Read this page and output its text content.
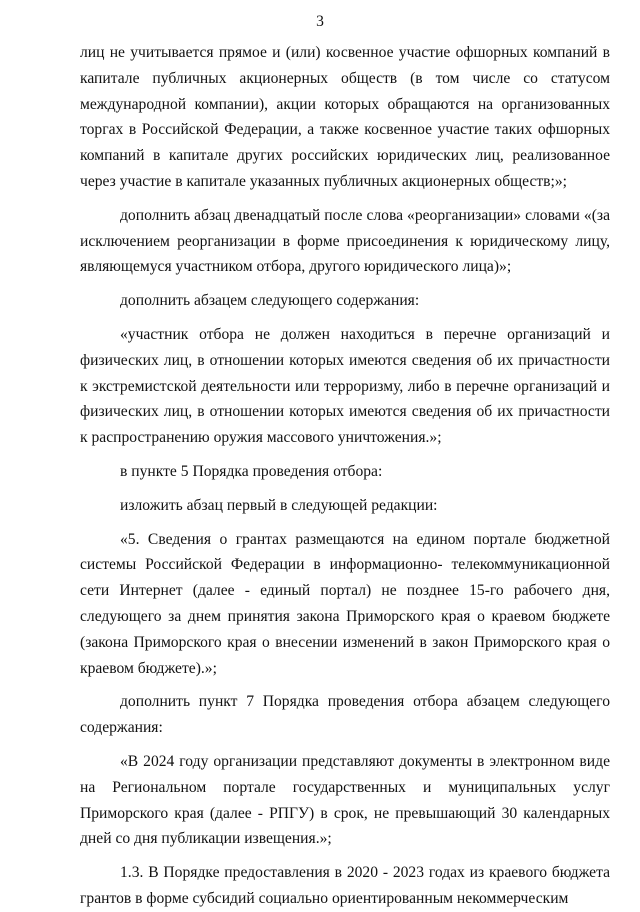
3

лиц не учитывается прямое и (или) косвенное участие офшорных компаний в капитале публичных акционерных обществ (в том числе со статусом международной компании), акции которых обращаются на организованных торгах в Российской Федерации, а также косвенное участие таких офшорных компаний в капитале других российских юридических лиц, реализованное через участие в капитале указанных публичных акционерных обществ;»;

дополнить абзац двенадцатый после слова «реорганизации» словами «(за исключением реорганизации в форме присоединения к юридическому лицу, являющемуся участником отбора, другого юридического лица)»;

дополнить абзацем следующего содержания:

«участник отбора не должен находиться в перечне организаций и физических лиц, в отношении которых имеются сведения об их причастности к экстремистской деятельности или терроризму, либо в перечне организаций и физических лиц, в отношении которых имеются сведения об их причастности к распространению оружия массового уничтожения.»;

в пункте 5 Порядка проведения отбора:

изложить абзац первый в следующей редакции:

«5. Сведения о грантах размещаются на едином портале бюджетной системы Российской Федерации в информационно- телекоммуникационной сети Интернет (далее - единый портал) не позднее 15-го рабочего дня, следующего за днем принятия закона Приморского края о краевом бюджете (закона Приморского края о внесении изменений в закон Приморского края о краевом бюджете).»;

дополнить пункт 7 Порядка проведения отбора абзацем следующего содержания:

«В 2024 году организации представляют документы в электронном виде на Региональном портале государственных и муниципальных услуг Приморского края (далее - РПГУ) в срок, не превышающий 30 календарных дней со дня публикации извещения.»;

1.3. В Порядке предоставления в 2020 - 2023 годах из краевого бюджета грантов в форме субсидий социально ориентированным некоммерческим
